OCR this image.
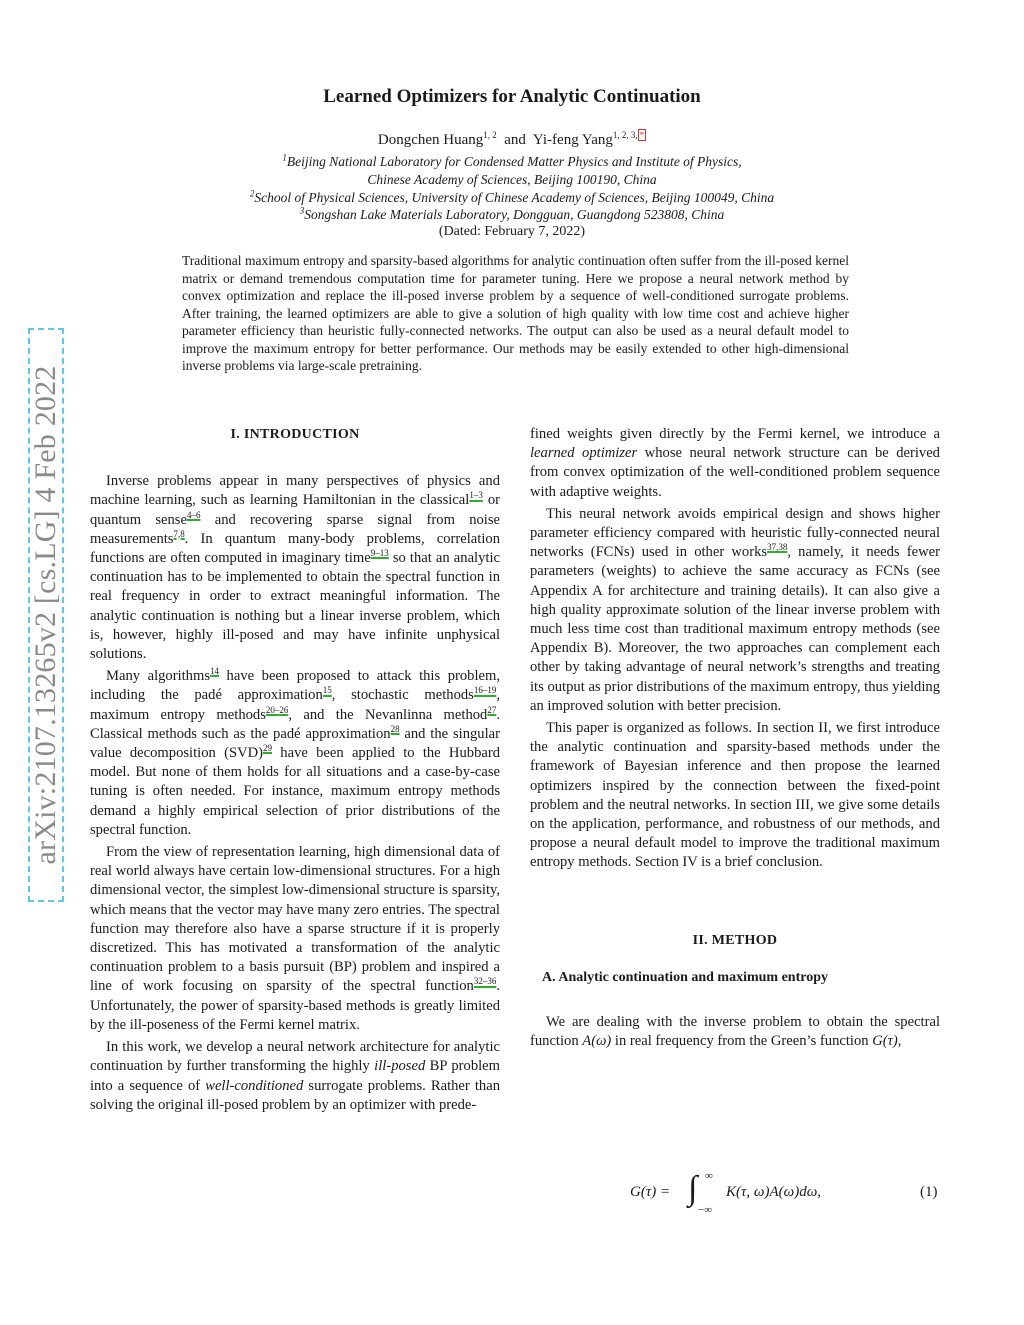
arXiv:2107.13265v2 [cs.LG] 4 Feb 2022
Learned Optimizers for Analytic Continuation
Dongchen Huang$^{1, 2}$ and Yi-feng Yang$^{1, 2, 3,}$ *
$^1$Beijing National Laboratory for Condensed Matter Physics and Institute of Physics,
Chinese Academy of Sciences, Beijing 100190, China
$^2$School of Physical Sciences, University of Chinese Academy of Sciences, Beijing 100049, China
$^3$Songshan Lake Materials Laboratory, Dongguan, Guangdong 523808, China
(Dated: February 7, 2022)
Traditional maximum entropy and sparsity-based algorithms for analytic continuation often suffer from the ill-posed kernel matrix or demand tremendous computation time for parameter tuning. Here we propose a neural network method by convex optimization and replace the ill-posed inverse problem by a sequence of well-conditioned surrogate problems. After training, the learned optimizers are able to give a solution of high quality with low time cost and achieve higher parameter efficiency than heuristic fully-connected networks. The output can also be used as a neural default model to improve the maximum entropy for better performance. Our methods may be easily extended to other high-dimensional inverse problems via large-scale pretraining.
I. INTRODUCTION

Inverse problems appear in many perspectives of physics and machine learning, such as learning Hamiltonian in the classical$^{1-3}$ or quantum sense$^{4-6}$ and recovering sparse signal from noise measurements$^{7,8}$. In quantum many-body problems, correlation functions are often computed in imaginary time$^{9-13}$ so that an analytic continuation has to be implemented to obtain the spectral function in real frequency in order to extract meaningful information. The analytic continuation is nothing but a linear inverse problem, which is, however, highly ill-posed and may have infinite unphysical solutions.

Many algorithms$^{14}$ have been proposed to attack this problem, including the padé approximation$^{15}$, stochastic methods$^{16-19}$, maximum entropy methods$^{20-26}$, and the Nevanlinna method$^{27}$. Classical methods such as the padé approximation$^{28}$ and the singular value decomposition (SVD)$^{29}$ have been applied to the Hubbard model. But none of them holds for all situations and a case-by-case tuning is often needed. For instance, maximum entropy methods demand a highly empirical selection of prior distributions of the spectral function.

From the view of representation learning, high dimensional data of real world always have certain low-dimensional structures. For a high dimensional vector, the simplest low-dimensional structure is sparsity, which means that the vector may have many zero entries. The spectral function may therefore also have a sparse structure if it is properly discretized. This has motivated a transformation of the analytic continuation problem to a basis pursuit (BP) problem and inspired a line of work focusing on sparsity of the spectral function$^{32-36}$. Unfortunately, the power of sparsity-based methods is greatly limited by the ill-poseness of the Fermi kernel matrix.

In this work, we develop a neural network architecture for analytic continuation by further transforming the highly ill-posed BP problem into a sequence of well-conditioned surrogate problems. Rather than solving the original ill-posed problem by an optimizer with prede-

fined weights given directly by the Fermi kernel, we introduce a learned optimizer whose neural network structure can be derived from convex optimization of the well-conditioned problem sequence with adaptive weights.

This neural network avoids empirical design and shows higher parameter efficiency compared with heuristic fully-connected neural networks (FCNs) used in other works$^{37,38}$, namely, it needs fewer parameters (weights) to achieve the same accuracy as FCNs (see Appendix A for architecture and training details). It can also give a high quality approximate solution of the linear inverse problem with much less time cost than traditional maximum entropy methods (see Appendix B). Moreover, the two approaches can complement each other by taking advantage of neural network’s strengths and treating its output as prior distributions of the maximum entropy, thus yielding an improved solution with better precision.

This paper is organized as follows. In section II, we first introduce the analytic continuation and sparsity-based methods under the framework of Bayesian inference and then propose the learned optimizers inspired by the connection between the fixed-point problem and the neutral networks. In section III, we give some details on the application, performance, and robustness of our methods, and propose a neural default model to improve the traditional maximum entropy methods. Section IV is a brief conclusion.

II. METHOD
A. Analytic continuation and maximum entropy

We are dealing with the inverse problem to obtain the spectral function A(ω) in real frequency from the Green’s function G(τ),

G(τ) = ∫ ∞
−∞
K(τ, ω)A(ω)dω,	(1)
